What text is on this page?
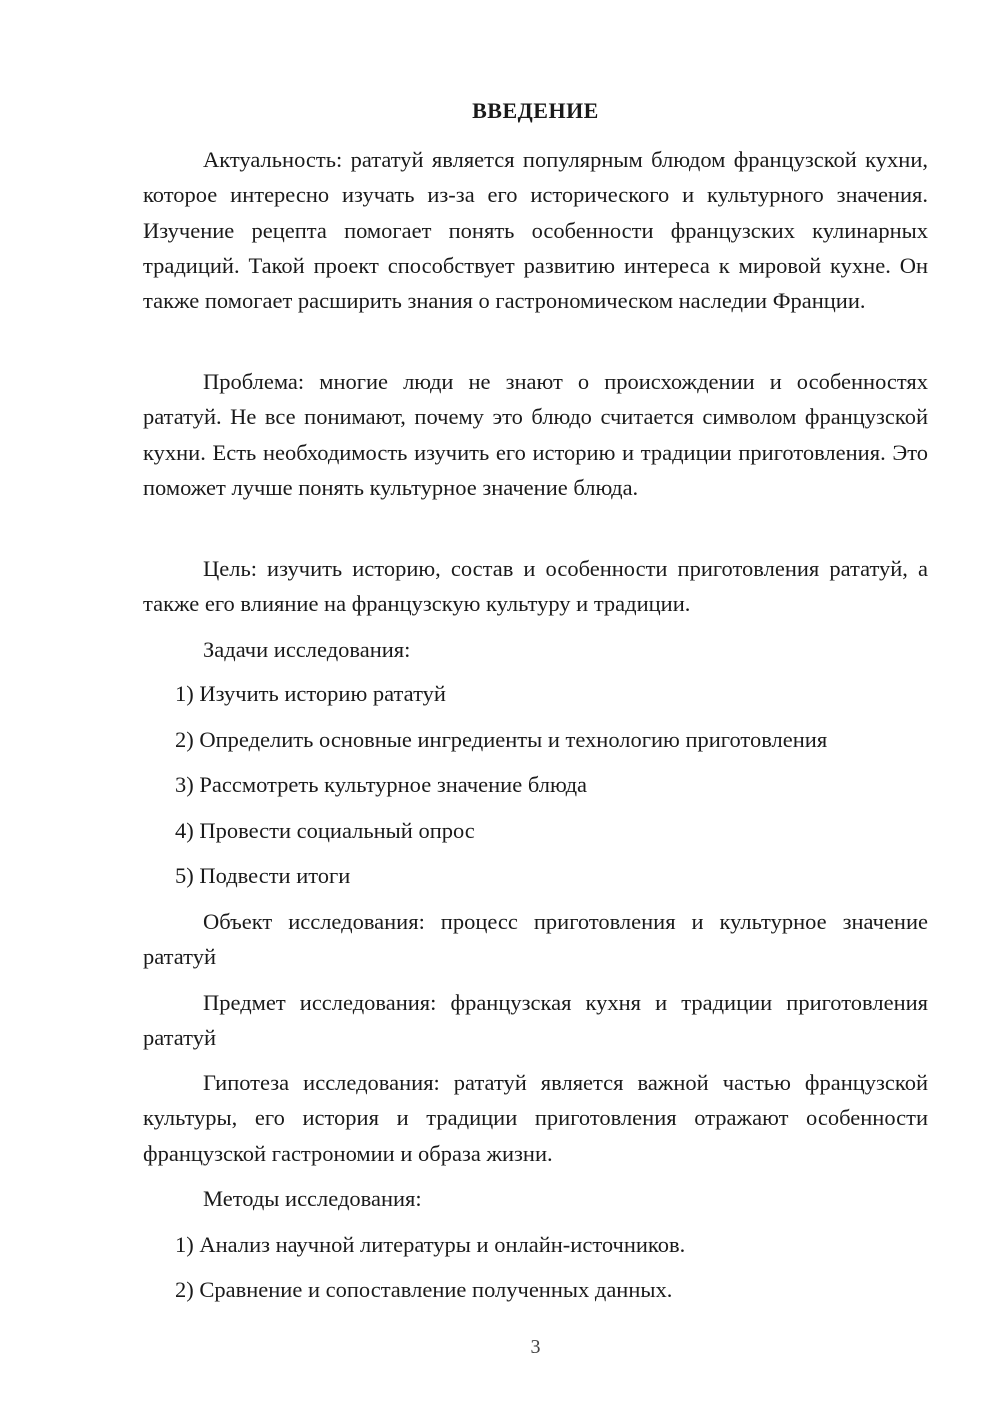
ВВЕДЕНИЕ

Актуальность: рататуй является популярным блюдом французской кухни, которое интересно изучать из-за его исторического и культурного значения. Изучение рецепта помогает понять особенности французских кулинарных традиций. Такой проект способствует развитию интереса к мировой кухне. Он также помогает расширить знания о гастрономическом наследии Франции.

Проблема: многие люди не знают о происхождении и особенностях рататуй. Не все понимают, почему это блюдо считается символом французской кухни. Есть необходимость изучить его историю и традиции приготовления. Это поможет лучше понять культурное значение блюда.

Цель: изучить историю, состав и особенности приготовления рататуй, а также его влияние на французскую культуру и традиции.

Задачи исследования:

1) Изучить историю рататуй

2) Определить основные ингредиенты и технологию приготовления

3) Рассмотреть культурное значение блюда

4) Провести социальный опрос

5) Подвести итоги

Объект исследования: процесс приготовления и культурное значение рататуй

Предмет исследования: французская кухня и традиции приготовления рататуй

Гипотеза исследования: рататуй является важной частью французской культуры, его история и традиции приготовления отражают особенности французской гастрономии и образа жизни.

Методы исследования:

1) Анализ научной литературы и онлайн-источников.

2) Сравнение и сопоставление полученных данных.

3
